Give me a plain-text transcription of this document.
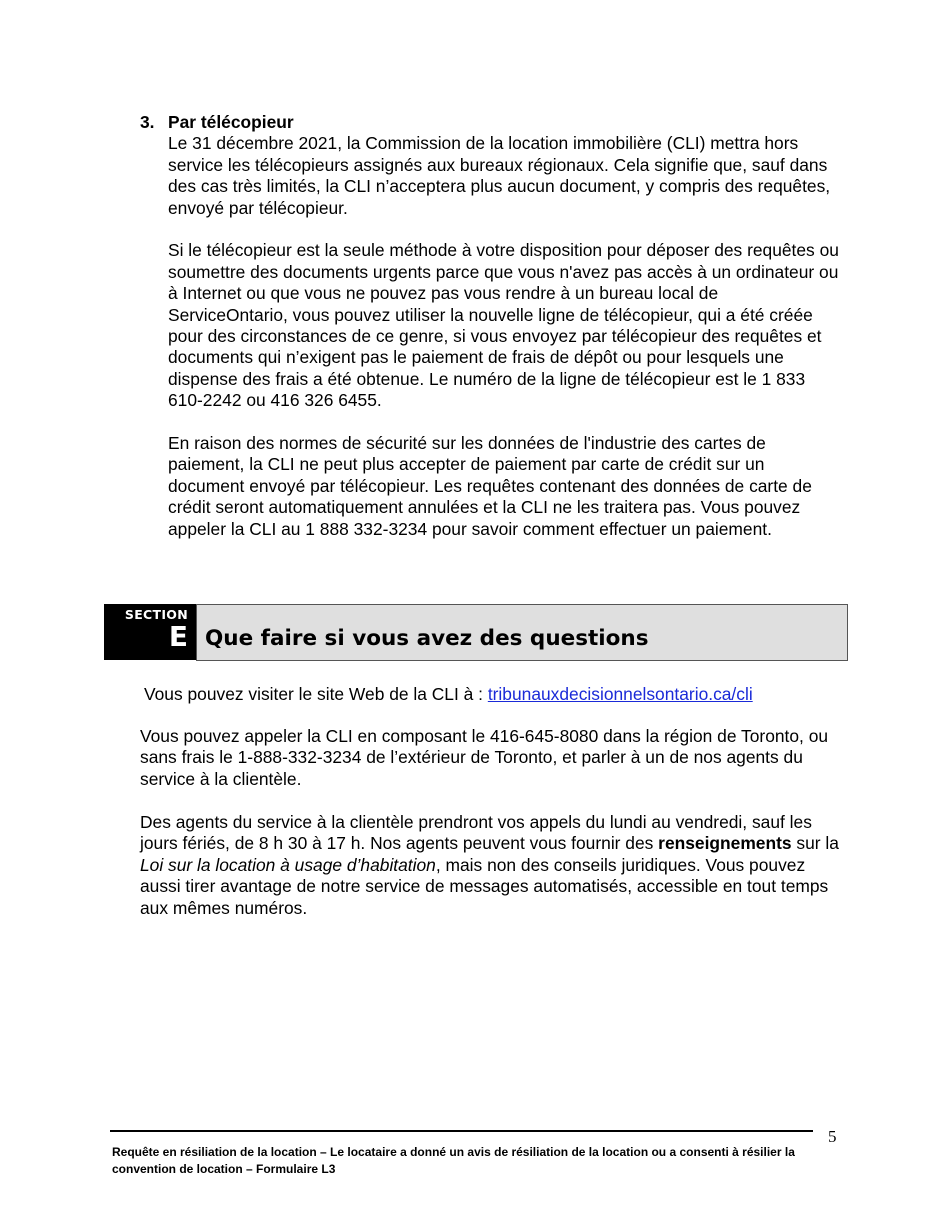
3. Par télécopieur

Le 31 décembre 2021, la Commission de la location immobilière (CLI) mettra hors service les télécopieurs assignés aux bureaux régionaux. Cela signifie que, sauf dans des cas très limités, la CLI n’acceptera plus aucun document, y compris des requêtes, envoyé par télécopieur.

Si le télécopieur est la seule méthode à votre disposition pour déposer des requêtes ou soumettre des documents urgents parce que vous n'avez pas accès à un ordinateur ou à Internet ou que vous ne pouvez pas vous rendre à un bureau local de ServiceOntario, vous pouvez utiliser la nouvelle ligne de télécopieur, qui a été créée pour des circonstances de ce genre, si vous envoyez par télécopieur des requêtes et documents qui n’exigent pas le paiement de frais de dépôt ou pour lesquels une dispense des frais a été obtenue. Le numéro de la ligne de télécopieur est le 1 833 610-2242 ou 416 326 6455.

En raison des normes de sécurité sur les données de l'industrie des cartes de paiement, la CLI ne peut plus accepter de paiement par carte de crédit sur un document envoyé par télécopieur. Les requêtes contenant des données de carte de crédit seront automatiquement annulées et la CLI ne les traitera pas. Vous pouvez appeler la CLI au 1 888 332-3234 pour savoir comment effectuer un paiement.

SECTION
E Que faire si vous avez des questions
Vous pouvez visiter le site Web de la CLI à : tribunauxdecisionnelsontario.ca/cli
Vous pouvez appeler la CLI en composant le 416-645-8080 dans la région de Toronto, ou sans frais le 1-888-332-3234 de l’extérieur de Toronto, et parler à un de nos agents du service à la clientèle.
Des agents du service à la clientèle prendront vos appels du lundi au vendredi, sauf les jours fériés, de 8 h 30 à 17 h. Nos agents peuvent vous fournir des renseignements sur la Loi sur la location à usage d’habitation, mais non des conseils juridiques. Vous pouvez aussi tirer avantage de notre service de messages automatisés, accessible en tout temps aux mêmes numéros.
5
Requête en résiliation de la location – Le locataire a donné un avis de résiliation de la location ou a consenti à résilier la convention de location – Formulaire L3
